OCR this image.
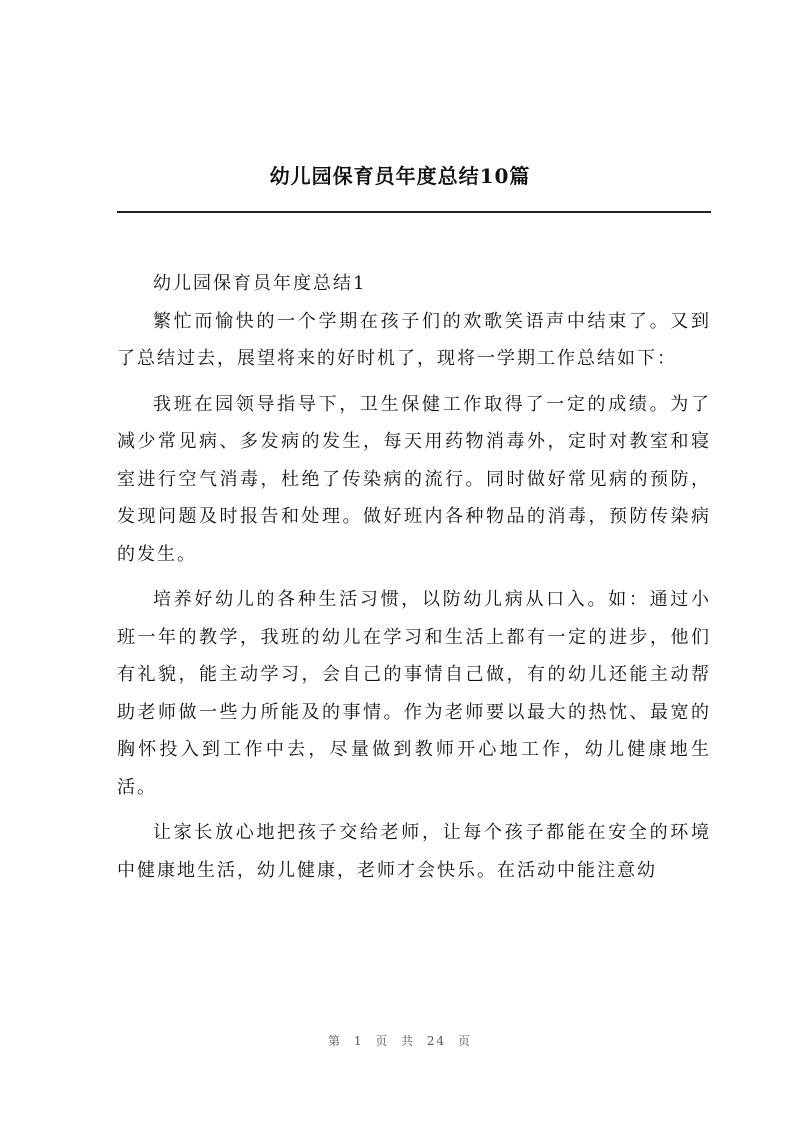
幼儿园保育员年度总结10篇

幼儿园保育员年度总结1

繁忙而愉快的一个学期在孩子们的欢歌笑语声中结束了。又到了总结过去，展望将来的好时机了，现将一学期工作总结如下：

我班在园领导指导下，卫生保健工作取得了一定的成绩。为了减少常见病、多发病的发生，每天用药物消毒外，定时对教室和寝室进行空气消毒，杜绝了传染病的流行。同时做好常见病的预防，发现问题及时报告和处理。做好班内各种物品的消毒，预防传染病的发生。

培养好幼儿的各种生活习惯，以防幼儿病从口入。如：通过小班一年的教学，我班的幼儿在学习和生活上都有一定的进步，他们有礼貌，能主动学习，会自己的事情自己做，有的幼儿还能主动帮助老师做一些力所能及的事情。作为老师要以最大的热忱、最宽的胸怀投入到工作中去，尽量做到教师开心地工作，幼儿健康地生活。

让家长放心地把孩子交给老师，让每个孩子都能在安全的环境中健康地生活，幼儿健康，老师才会快乐。在活动中能注意幼

第 1 页 共 24 页
